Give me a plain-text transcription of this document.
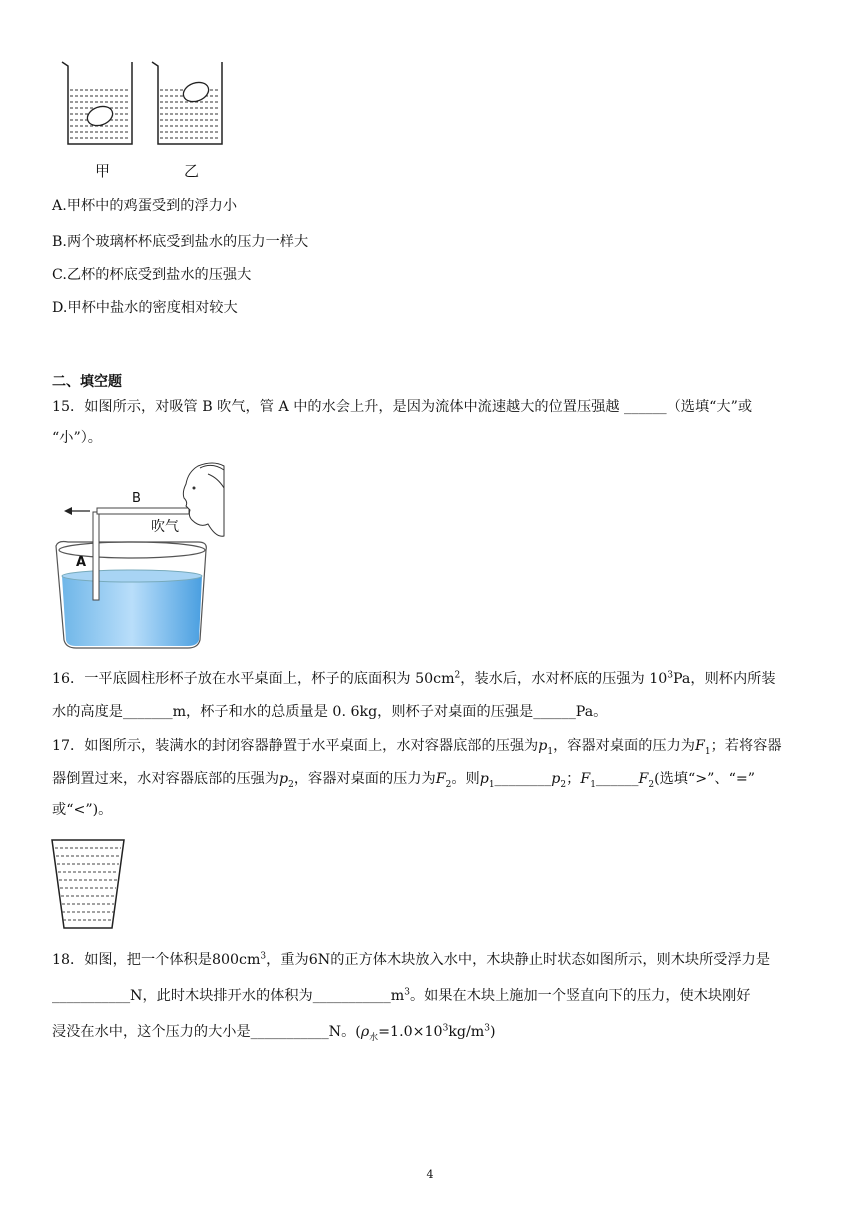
甲	乙
A.甲杯中的鸡蛋受到的浮力小
B.两个玻璃杯杯底受到盐水的压力一样大
C.乙杯的杯底受到盐水的压强大
D.甲杯中盐水的密度相对较大
二、填空题
15．如图所示，对吸管 B 吹气，管 A 中的水会上升，是因为流体中流速越大的位置压强越 ______（选填“大”或
“小”）。
B
A
吹气
16．一平底圆柱形杯子放在水平桌面上，杯子的底面积为 $50cm^2$，装水后，水对杯底的压强为 $10^3Pa$，则杯内所装
水的高度是_______m，杯子和水的总质量是 0. 6kg，则杯子对桌面的压强是______Pa。
17．如图所示，装满水的封闭容器静置于水平桌面上，水对容器底部的压强为$p_1$，容器对桌面的压力为$F_1$；若将容器
器倒置过来，水对容器底部的压强为$p_2$，容器对桌面的压力为$F_2$。则$p_1\_\_\_\_\_\_\_\_p_2$；$F_1\_\_\_\_\_\_F_2$(选填“>”、“=”
或“<”)。
18．如图，把一个体积是$800cm^3$，重为6N的正方体木块放入水中，木块静止时状态如图所示，则木块所受浮力是
___________N，此时木块排开水的体积为$\_\_\_\_\_\_\_\_\_\_\_m^3$。如果在木块上施加一个竖直向下的压力，使木块刚好
浸没在水中，这个压力的大小是___________N。$(\rho_水=1.0\times 10^3kg/m^3)$
4
